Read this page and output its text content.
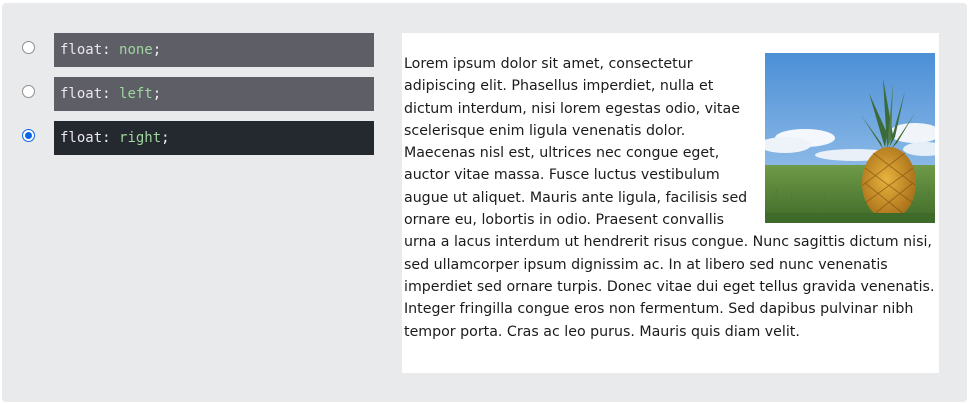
float: none;
float: left;
float: right;

Lorem ipsum dolor sit amet, consectetur adipiscing elit. Phasellus imperdiet, nulla et dictum interdum, nisi lorem egestas odio, vitae scelerisque enim ligula venenatis dolor. Maecenas nisl est, ultrices nec congue eget, auctor vitae massa. Fusce luctus vestibulum augue ut aliquet. Mauris ante ligula, facilisis sed ornare eu, lobortis in odio. Praesent convallis urna a lacus interdum ut hendrerit risus congue. Nunc sagittis dictum nisi, sed ullamcorper ipsum dignissim ac. In at libero sed nunc venenatis imperdiet sed ornare turpis. Donec vitae dui eget tellus gravida venenatis. Integer fringilla congue eros non fermentum. Sed dapibus pulvinar nibh tempor porta. Cras ac leo purus. Mauris quis diam velit.
